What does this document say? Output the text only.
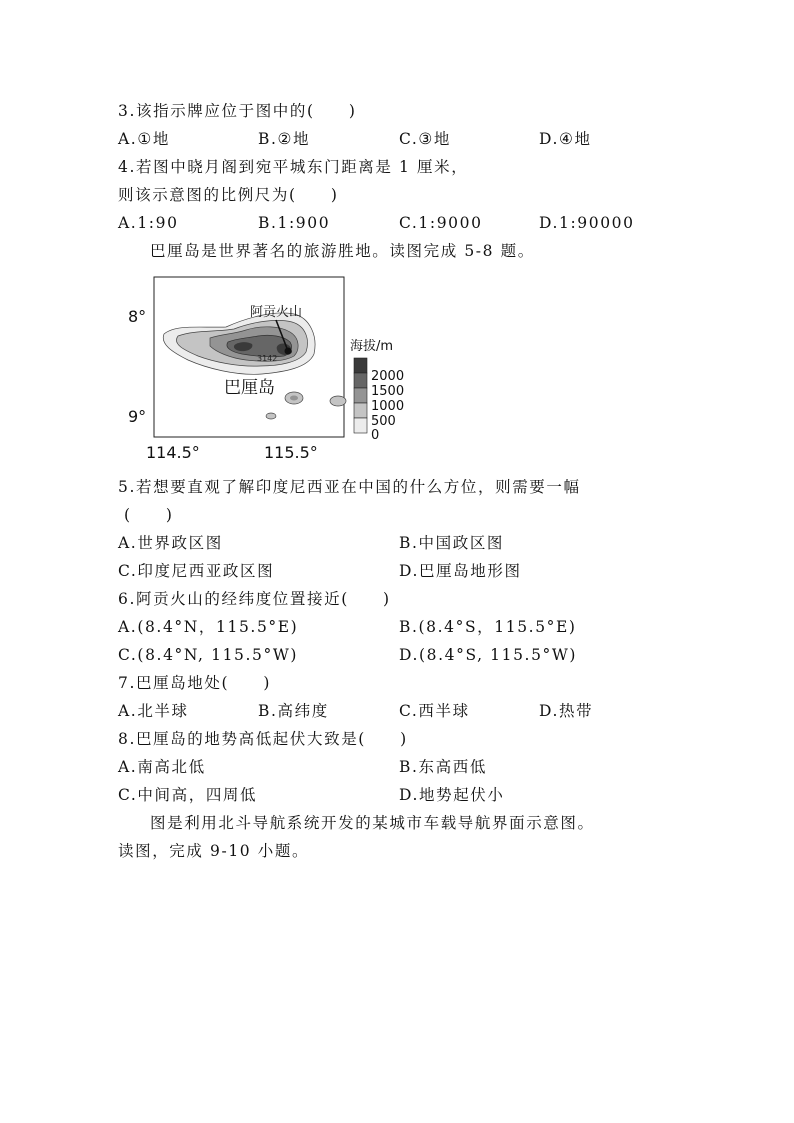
3.该指示牌应位于图中的(　　)
A.①地	B.②地	C.③地	D.④地
4.若图中晓月阁到宛平城东门距离是 1 厘米，
则该示意图的比例尺为(　　)
A.1:90	B.1:900	C.1:9000	D.1:90000
巴厘岛是世界著名的旅游胜地。读图完成 5-8 题。
阿贡火山
3142
巴厘岛
8°
9°
114.5°	115.5°
海拔/m
2000
1500
1000
500
0
5.若想要直观了解印度尼西亚在中国的什么方位，则需要一幅
(　　)
A.世界政区图	B.中国政区图
C.印度尼西亚政区图	D.巴厘岛地形图
6.阿贡火山的经纬度位置接近(　　)
A.(8.4°N，115.5°E)	B.(8.4°S，115.5°E)
C.(8.4°N, 115.5°W)	D.(8.4°S, 115.5°W)
7.巴厘岛地处(　　)
A.北半球	B.高纬度	C.西半球	D.热带
8.巴厘岛的地势高低起伏大致是(　　)
A.南高北低	B.东高西低
C.中间高，四周低	D.地势起伏小
图是利用北斗导航系统开发的某城市车载导航界面示意图。
读图，完成 9-10 小题。
